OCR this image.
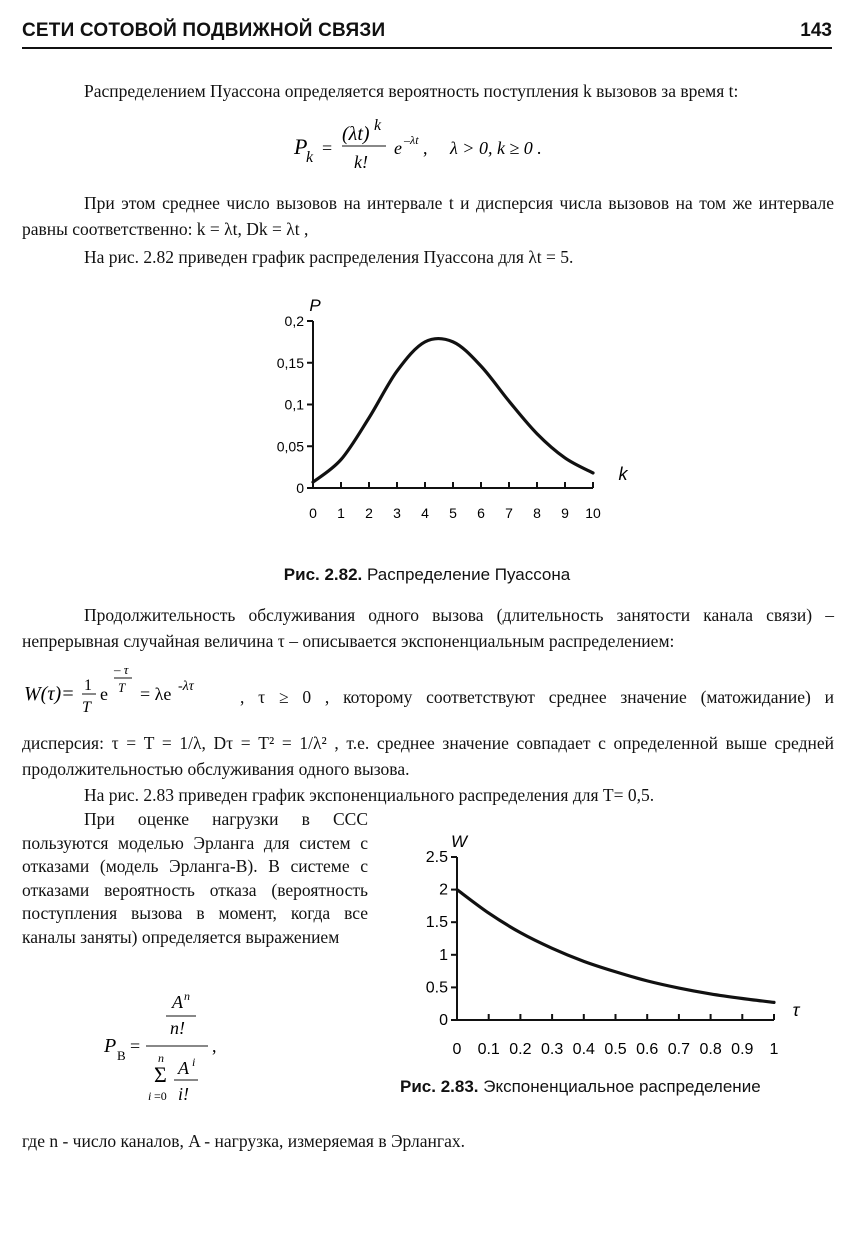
СЕТИ СОТОВОЙ ПОДВИЖНОЙ СВЯЗИ	143
Распределением Пуассона определяется вероятность поступления k вызовов за время t:
P
k =
(λt) k
k!
e –λt , λ > 0, k ≥ 0 .
При этом среднее число вызовов на интервале t и дисперсия числа вызовов на том же интервале равны соответственно: k = λt, Dk = λt ,
На рис. 2.82 приведен график распределения Пуассона для λt = 5.
0
0,05
0,1
0,15
0,2
0 1 2 3 4 5 6 7 8 9 10
P
k
Рис. 2.82. Распределение Пуассона
Продолжительность обслуживания одного вызова (длительность занятости канала связи) – непрерывная случайная величина τ – описывается экспоненциальным распределением:
W(τ)= 1
T
e
– τ
T = λe -λτ
, τ ≥ 0 , которому соответствуют среднее значение (матожидание) и
дисперсия: τ = T = 1/λ, Dτ = T² = 1/λ² , т.е. среднее значение совпадает с определенной выше средней продолжительностью обслуживания одного вызова.
На рис. 2.83 приведен график экспоненциального распределения для T= 0,5.
При оценке нагрузки в ССС пользуются моделью Эрланга для систем с отказами (модель Эрланга-B). В системе с отказами вероятность отказа (вероятность поступления вызова в момент, когда все каналы заняты) определяется выражением
0
0.5
1
1.5
2
2.5
0 0.1 0.2 0.3 0.4 0.5 0.6 0.7 0.8 0.9 1
W
τ
P B =
A n
n!
,
n
Σ
i =0
A i
i!	Рис. 2.83. Экспоненциальное распределение
где n - число каналов, A - нагрузка, измеряемая в Эрлангах.
